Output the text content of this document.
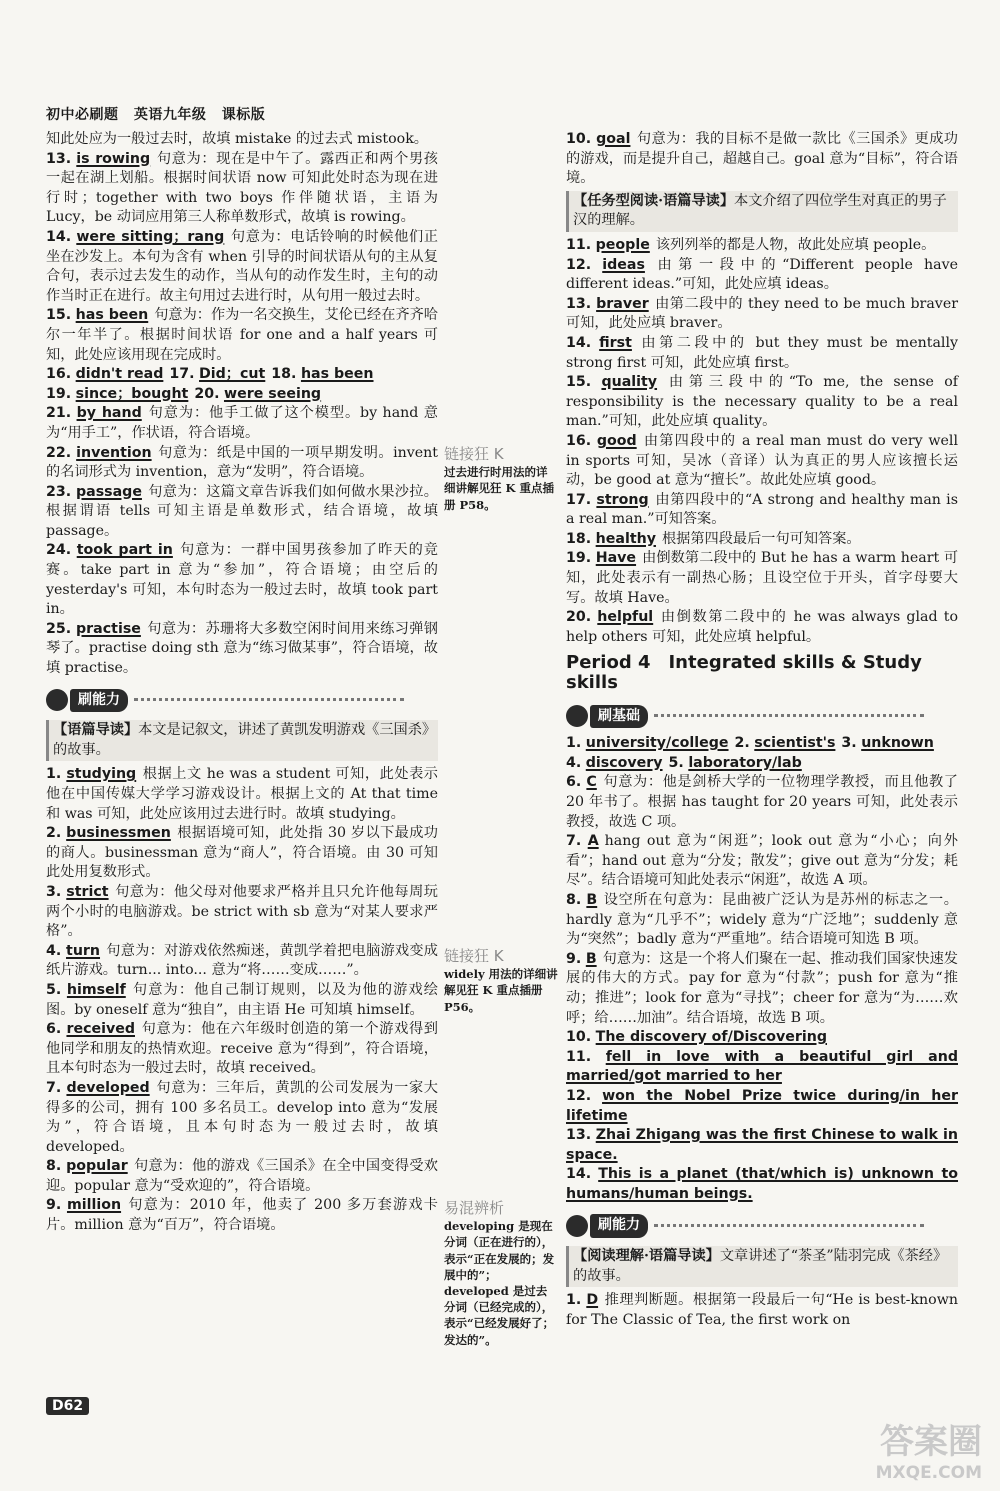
初中必刷题 英语九年级 课标版

知此处应为一般过去时，故填 mistake 的过去式 mistook。

13. is rowing 句意为：现在是中午了。露西正和两个男孩一起在湖上划船。根据时间状语 now 可知此处时态为现在进行时；together with two boys 作伴随状语，主语为 Lucy，be 动词应用第三人称单数形式，故填 is rowing。

14. were sitting；rang 句意为：电话铃响的时候他们正坐在沙发上。本句为含有 when 引导的时间状语从句的主从复合句，表示过去发生的动作，当从句的动作发生时，主句的动作当时正在进行。故主句用过去进行时，从句用一般过去时。

15. has been 句意为：作为一名交换生，艾伦已经在齐齐哈尔一年半了。根据时间状语 for one and a half years 可知，此处应该用现在完成时。

16. didn't read 17. Did；cut 18. has been

19. since；bought 20. were seeing

21. by hand 句意为：他手工做了这个模型。by hand 意为“用手工”，作状语，符合语境。

22. invention 句意为：纸是中国的一项早期发明。invent 的名词形式为 invention，意为“发明”，符合语境。

23. passage 句意为：这篇文章告诉我们如何做水果沙拉。根据谓语 tells 可知主语是单数形式，结合语境，故填 passage。

24. took part in 句意为：一群中国男孩参加了昨天的竞赛。take part in 意为“参加”，符合语境；由空后的 yesterday's 可知，本句时态为一般过去时，故填 took part in。

25. practise 句意为：苏珊将大多数空闲时间用来练习弹钢琴了。practise doing sth 意为“练习做某事”，符合语境，故填 practise。

刷能力
【语篇导读】本文是记叙文，讲述了黄凯发明游戏《三国杀》的故事。

1. studying 根据上文 he was a student 可知，此处表示他在中国传媒大学学习游戏设计。根据上文的 At that time 和 was 可知，此处应该用过去进行时。故填 studying。

2. businessmen 根据语境可知，此处指 30 岁以下最成功的商人。businessman 意为“商人”，符合语境。由 30 可知此处用复数形式。

3. strict 句意为：他父母对他要求严格并且只允许他每周玩两个小时的电脑游戏。be strict with sb 意为“对某人要求严格”。

4. turn 句意为：对游戏依然痴迷，黄凯学着把电脑游戏变成纸片游戏。turn... into... 意为“将……变成……”。

5. himself 句意为：他自己制订规则，以及为他的游戏绘图。by oneself 意为“独自”，由主语 He 可知填 himself。

6. received 句意为：他在六年级时创造的第一个游戏得到他同学和朋友的热情欢迎。receive 意为“得到”，符合语境，且本句时态为一般过去时，故填 received。

7. developed 句意为：三年后，黄凯的公司发展为一家大得多的公司，拥有 100 多名员工。develop into 意为“发展为”，符合语境，且本句时态为一般过去时，故填 developed。

8. popular 句意为：他的游戏《三国杀》在全中国变得受欢迎。popular 意为“受欢迎的”，符合语境。

9. million 句意为：2010 年，他卖了 200 多万套游戏卡片。million 意为“百万”，符合语境。

链接狂 K
过去进行时用法的详细讲解见狂 K 重点插册 P58。
链接狂 K
widely 用法的详细讲解见狂 K 重点插册 P56。
易混辨析
developing 是现在分词（正在进行的），表示“正在发展的；发展中的”；developed 是过去分词（已经完成的），表示“已经发展好了；发达的”。

10. goal 句意为：我的目标不是做一款比《三国杀》更成功的游戏，而是提升自己，超越自己。goal 意为“目标”，符合语境。

【任务型阅读·语篇导读】本文介绍了四位学生对真正的男子汉的理解。

11. people 该列列举的都是人物，故此处应填 people。

12. ideas 由第一段中的“Different people have different ideas.”可知，此处应填 ideas。

13. braver 由第二段中的 they need to be much braver 可知，此处应填 braver。

14. first 由第二段中的 but they must be mentally strong first 可知，此处应填 first。

15. quality 由第三段中的“To me, the sense of responsibility is the necessary quality to be a real man.”可知，此处应填 quality。

16. good 由第四段中的 a real man must do very well in sports 可知，吴冰（音译）认为真正的男人应该擅长运动，be good at 意为“擅长”。故此处应填 good。

17. strong 由第四段中的“A strong and healthy man is a real man.”可知答案。

18. healthy 根据第四段最后一句可知答案。

19. Have 由倒数第二段中的 But he has a warm heart 可知，此处表示有一副热心肠；且设空位于开头，首字母要大写。故填 Have。

20. helpful 由倒数第二段中的 he was always glad to help others 可知，此处应填 helpful。

Period 4　Integrated skills & Study skills
刷基础

1. university/college 2. scientist's 3. unknown

4. discovery 5. laboratory/lab

6. C 句意为：他是剑桥大学的一位物理学教授，而且他教了 20 年书了。根据 has taught for 20 years 可知，此处表示教授，故选 C 项。

7. A hang out 意为“闲逛”；look out 意为“小心；向外看”；hand out 意为“分发；散发”；give out 意为“分发；耗尽”。结合语境可知此处表示“闲逛”，故选 A 项。

8. B 设空所在句意为：昆曲被广泛认为是苏州的标志之一。hardly 意为“几乎不”；widely 意为“广泛地”；suddenly 意为“突然”；badly 意为“严重地”。结合语境可知选 B 项。

9. B 句意为：这是一个将人们聚在一起、推动我们国家快速发展的伟大的方式。pay for 意为“付款”；push for 意为“推动；推进”；look for 意为“寻找”；cheer for 意为“为……欢呼；给……加油”。结合语境，故选 B 项。

10. The discovery of/Discovering

11. fell in love with a beautiful girl and married/got married to her

12. won the Nobel Prize twice during/in her lifetime

13. Zhai Zhigang was the first Chinese to walk in space.

14. This is a planet (that/which is) unknown to humans/human beings.

刷能力
【阅读理解·语篇导读】文章讲述了“茶圣”陆羽完成《茶经》的故事。

1. D 推理判断题。根据第一段最后一句“He is best-known for The Classic of Tea, the first work on

D62
答案圈
MXQE.COM
